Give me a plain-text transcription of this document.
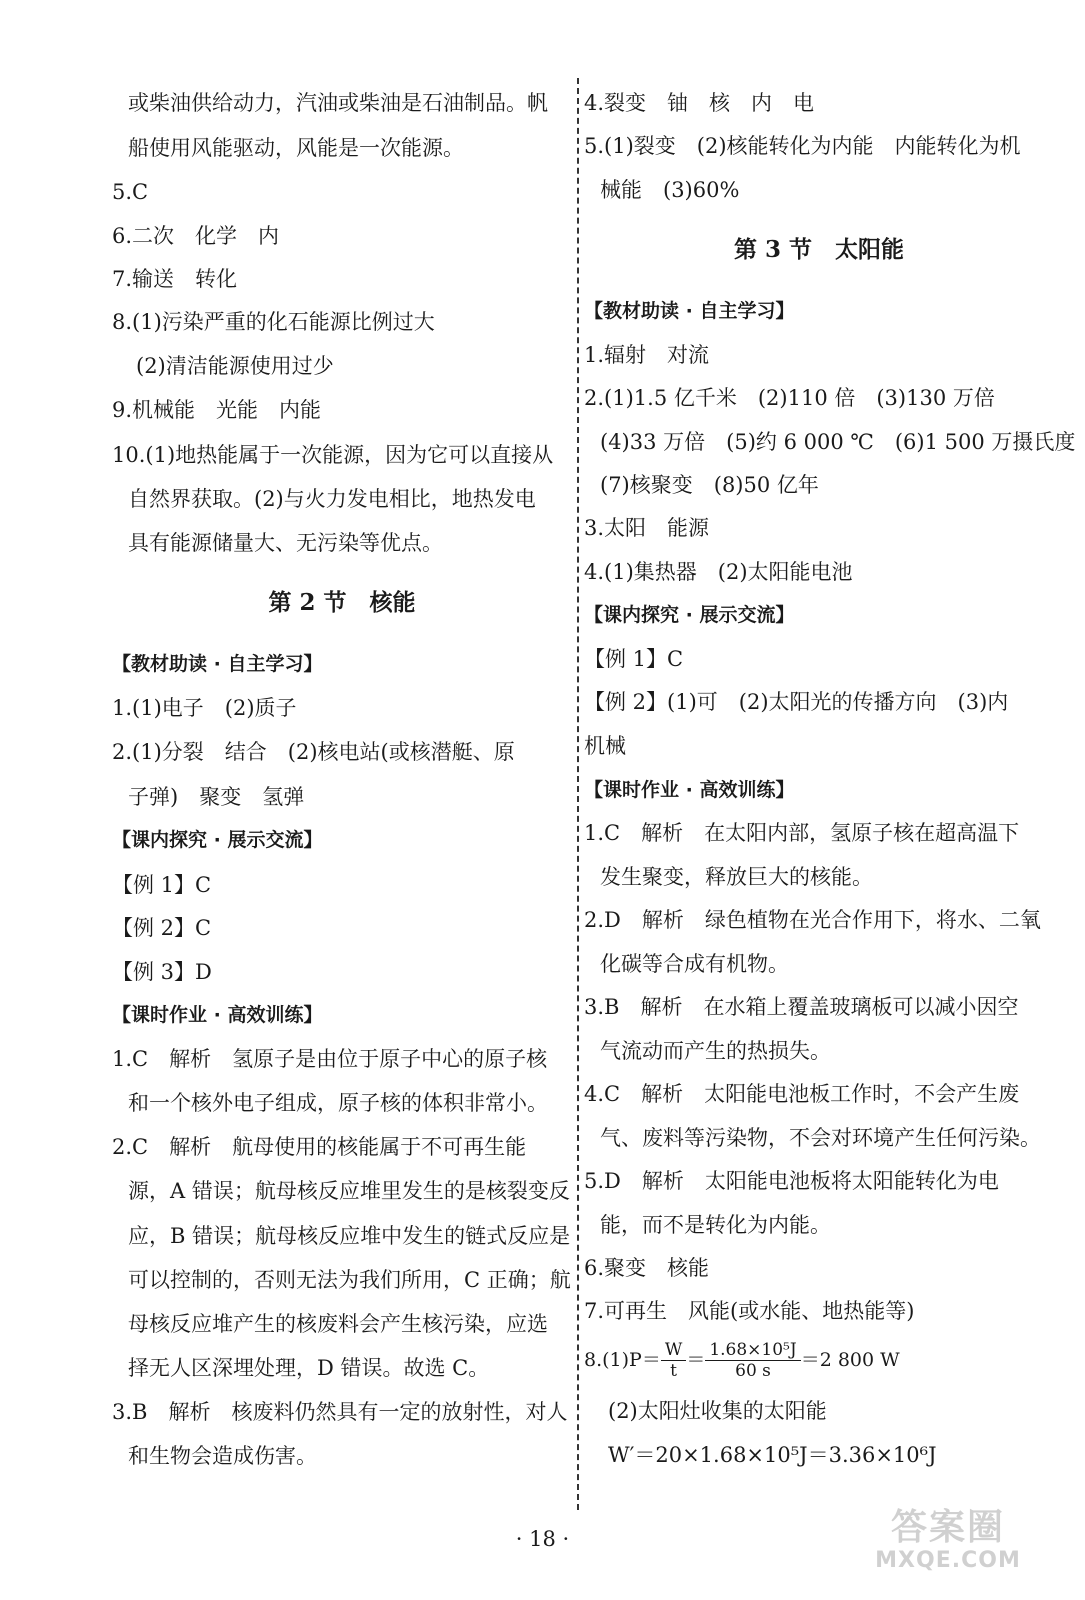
或柴油供给动力，汽油或柴油是石油制品。帆
船使用风能驱动，风能是一次能源。
5.C
6.二次　化学　内
7.输送　转化
8.(1)污染严重的化石能源比例过大
(2)清洁能源使用过少
9.机械能　光能　内能
10.(1)地热能属于一次能源，因为它可以直接从
自然界获取。(2)与火力发电相比，地热发电
具有能源储量大、无污染等优点。
第 2 节　核能
【教材助读 · 自主学习】
1.(1)电子　(2)质子
2.(1)分裂　结合　(2)核电站(或核潜艇、原
子弹)　聚变　氢弹
【课内探究 · 展示交流】
【例 1】C
【例 2】C
【例 3】D
【课时作业 · 高效训练】
1.C　解析　氢原子是由位于原子中心的原子核
和一个核外电子组成，原子核的体积非常小。
2.C　解析　航母使用的核能属于不可再生能
源，A 错误；航母核反应堆里发生的是核裂变反
应，B 错误；航母核反应堆中发生的链式反应是
可以控制的，否则无法为我们所用，C 正确；航
母核反应堆产生的核废料会产生核污染，应选
择无人区深埋处理，D 错误。故选 C。
3.B　解析　核废料仍然具有一定的放射性，对人
和生物会造成伤害。
$8.(1)P= \frac{W}{t} = \frac{\text{1.68×10⁵J}}{60 s} =2$ 800 W
(2)太阳灶收集的太阳能
W′＝20×1.68×10⁵J＝3.36×10⁶J
4.裂变　铀　核　内　电
5.(1)裂变　(2)核能转化为内能　内能转化为机
械能　(3)60%
第 3 节　太阳能
【教材助读 · 自主学习】
1.辐射　对流
2.(1)1.5 亿千米　(2)110 倍　(3)130 万倍
(4)33 万倍　(5)约 6 000 ℃　(6)1 500 万摄氏度
(7)核聚变　(8)50 亿年
3.太阳　能源
4.(1)集热器　(2)太阳能电池
【课内探究 · 展示交流】
【例 1】C
【例 2】(1)可　(2)太阳光的传播方向　(3)内
机械
【课时作业 · 高效训练】
1.C　解析　在太阳内部，氢原子核在超高温下
发生聚变，释放巨大的核能。
2.D　解析　绿色植物在光合作用下，将水、二氧
化碳等合成有机物。
3.B　解析　在水箱上覆盖玻璃板可以减小因空
气流动而产生的热损失。
4.C　解析　太阳能电池板工作时，不会产生废
气、废料等污染物，不会对环境产生任何污染。
5.D　解析　太阳能电池板将太阳能转化为电
能，而不是转化为内能。
6.聚变　核能
7.可再生　风能(或水能、地热能等)
· 18 ·	答案圈
MXQE.COM
